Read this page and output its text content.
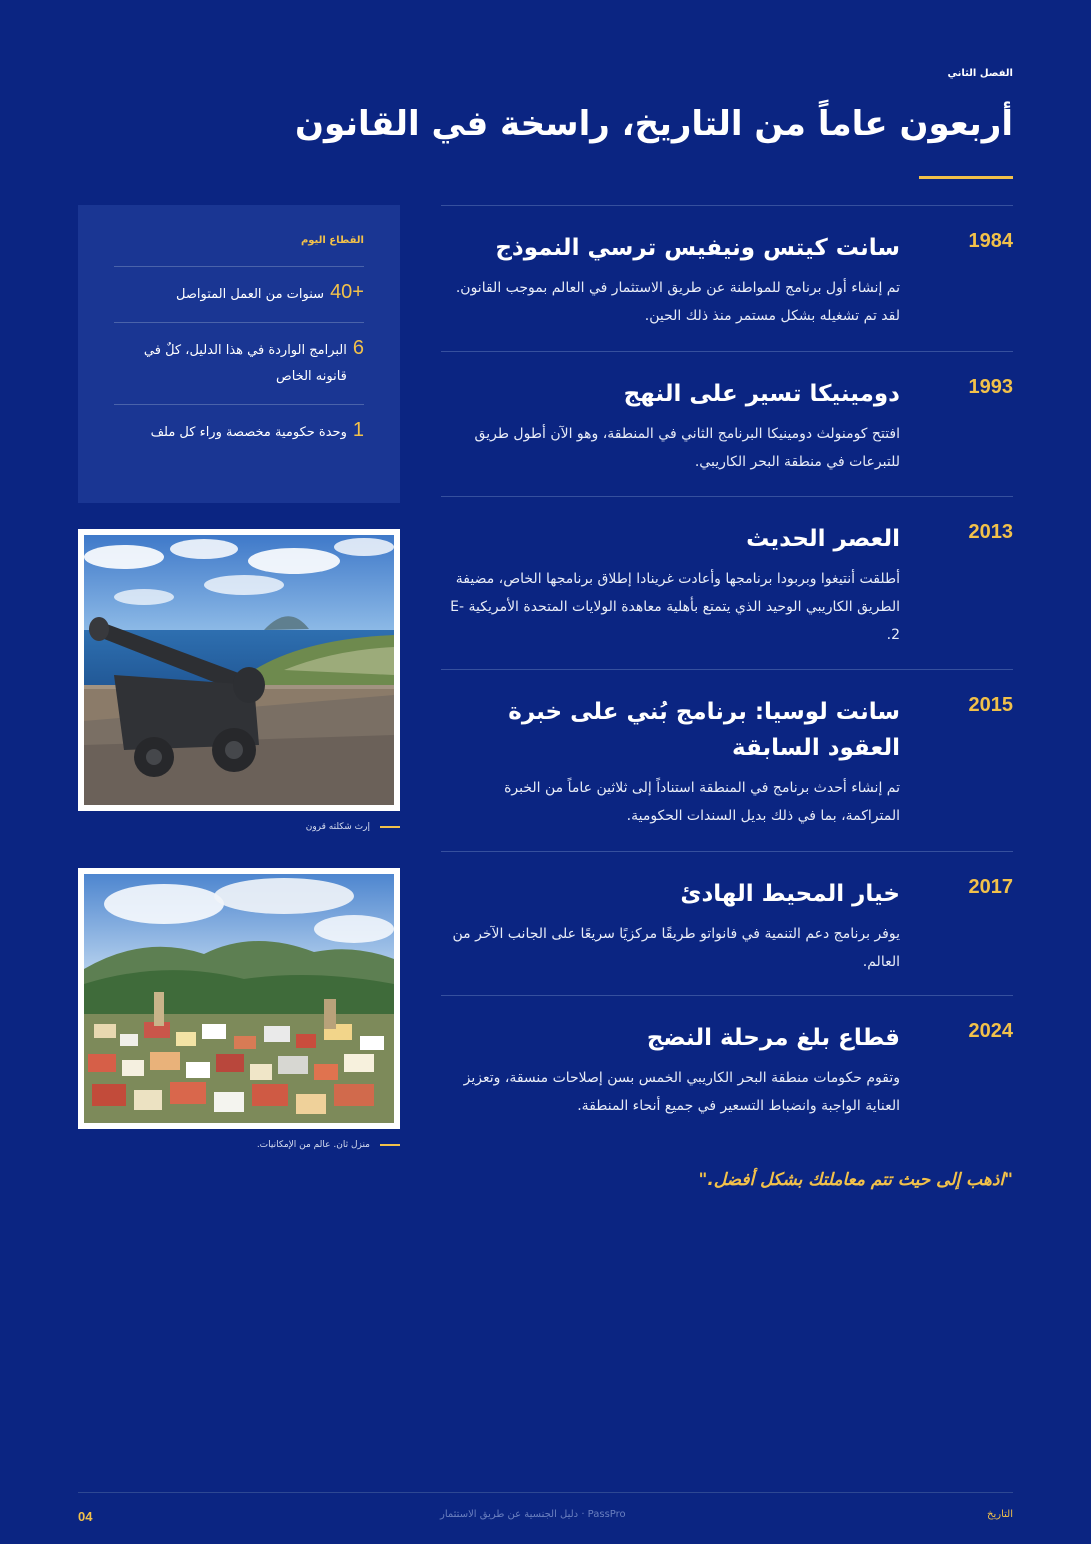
الفصل الثاني
أربعون عاماً من التاريخ، راسخة في القانون
1984
سانت كيتس ونيفيس ترسي النموذج
تم إنشاء أول برنامج للمواطنة عن طريق الاستثمار في العالم بموجب القانون. لقد تم تشغيله بشكل مستمر منذ ذلك الحين.
1993
دومينيكا تسير على النهج
افتتح كومنولث دومينيكا البرنامج الثاني في المنطقة، وهو الآن أطول طريق للتبرعات في منطقة البحر الكاريبي.
2013
العصر الحديث
أطلقت أنتيغوا وبربودا برنامجها وأعادت غرينادا إطلاق برنامجها الخاص، مضيفة الطريق الكاريبي الوحيد الذي يتمتع بأهلية معاهدة الولايات المتحدة الأمريكية E-2.
2015
سانت لوسيا: برنامج بُني على خبرة العقود السابقة
تم إنشاء أحدث برنامج في المنطقة استناداً إلى ثلاثين عاماً من الخبرة المتراكمة، بما في ذلك بديل السندات الحكومية.
2017
خيار المحيط الهادئ
يوفر برنامج دعم التنمية في فانواتو طريقًا مركزيًا سريعًا على الجانب الآخر من العالم.
2024
قطاع بلغ مرحلة النضج
وتقوم حكومات منطقة البحر الكاريبي الخمس بسن إصلاحات منسقة، وتعزيز العناية الواجبة وانضباط التسعير في جميع أنحاء المنطقة.
القطاع اليوم
40+
سنوات من العمل المتواصل
6
البرامج الواردة في هذا الدليل، كلٌ في قانونه الخاص
1
وحدة حكومية مخصصة وراء كل ملف
إرث شكلته قرون
منزل ثان. عالم من الإمكانيات.
"اذهب إلى حيث تتم معاملتك بشكل أفضل."
التاريخ
PassPro · دليل الجنسية عن طريق الاستثمار
04
